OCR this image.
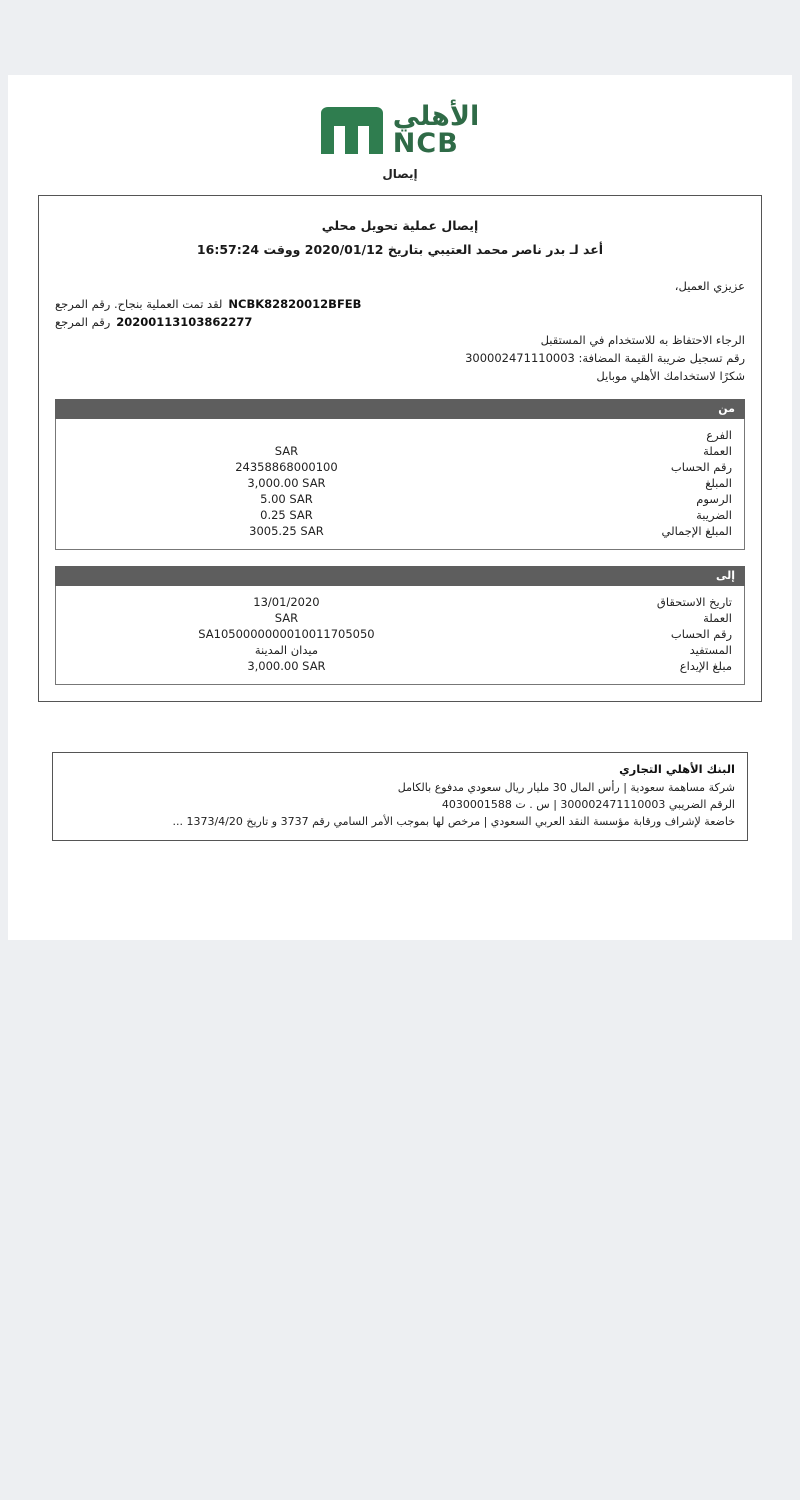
الأهلي
NCB
إيصال
إيصال عملية تحويل محلي
أعد لـ بدر ناصر محمد العتيبي بتاريخ 2020/01/12 ووقت 16:57:24
عزيزي العميل،
NCBK82820012BFEB
لقد تمت العملية بنجاح. رقم المرجع
20200113103862277
رقم المرجع
الرجاء الاحتفاظ به للاستخدام في المستقبل
رقم تسجيل ضريبة القيمة المضافة: 300002471110003
شكرًا لاستخدامك الأهلي موبايل
من
الفرع	
العملة	SAR
رقم الحساب	24358868000100
المبلغ	3,000.00 SAR
الرسوم	5.00 SAR
الضريبة	0.25 SAR
المبلغ الإجمالي	3005.25 SAR
إلى
تاريخ الاستحقاق	13/01/2020
العملة	SAR
رقم الحساب	SA1050000000010011705050
المستفيد	ميدان المدينة
مبلغ الإيداع	3,000.00 SAR
البنك الأهلي التجاري
شركة مساهمة سعودية | رأس المال 30 مليار ريال سعودي مدفوع بالكامل
الرقم الضريبي 300002471110003 | س . ت 4030001588
خاضعة لإشراف ورقابة مؤسسة النقد العربي السعودي | مرخص لها بموجب الأمر السامي رقم 3737 و تاريخ 1373/4/20 ...
